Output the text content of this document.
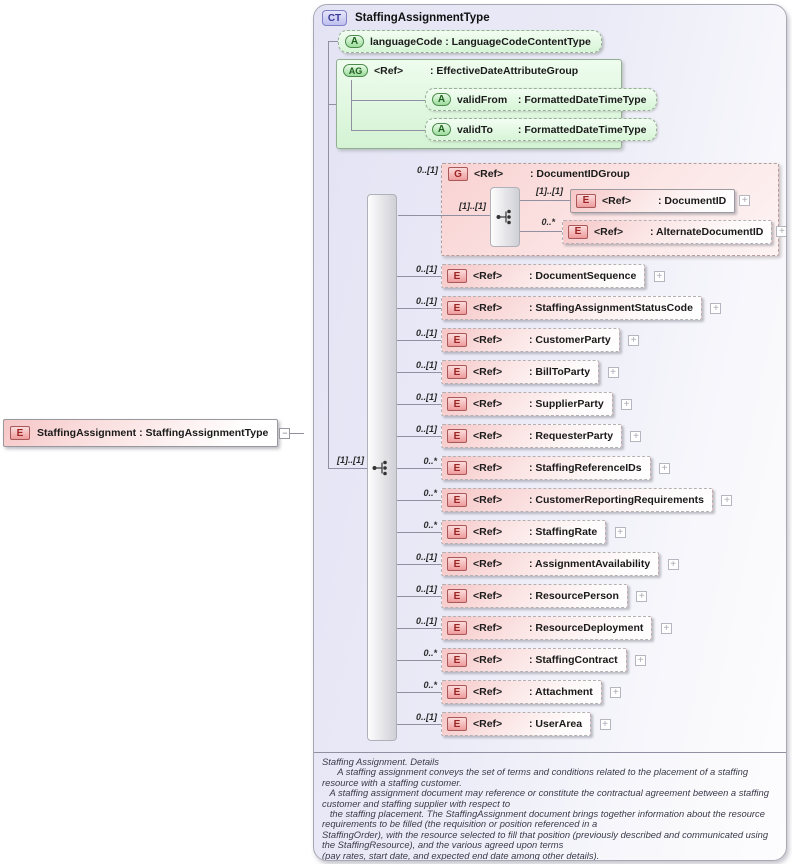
E	StaffingAssignment : StaffingAssignmentType	−
CT	StaffingAssignmentType
[1]..[1]
A	languageCode : LanguageCodeContentType
AG	<Ref>	: EffectiveDateAttributeGroup
A	validFrom : FormattedDateTimeType
A	validTo : FormattedDateTimeType
0..[1]	G	<Ref>	: DocumentIDGroup
[1]..[1]
[1]..[1]
E	<Ref>	: DocumentID +
0..*
E	<Ref>	: AlternateDocumentID +
0..[1]
E	<Ref>	: DocumentSequence +
0..[1]
E	<Ref>	: StaffingAssignmentStatusCode +
0..[1]
E	<Ref>	: CustomerParty +
0..[1]
E	<Ref>	: BillToParty +
0..[1]
E	<Ref>	: SupplierParty +
0..[1]
E	<Ref>	: RequesterParty +
0..*
E	<Ref>	: StaffingReferenceIDs +
0..*
E	<Ref>	: CustomerReportingRequirements +
0..*
E	<Ref>	: StaffingRate +
0..[1]
E	<Ref>	: AssignmentAvailability +
0..[1]
E	<Ref>	: ResourcePerson +
0..[1]
E	<Ref>	: ResourceDeployment +
0..*
E	<Ref>	: StaffingContract +
0..*
E	<Ref>	: Attachment +
0..[1]
E	<Ref>	: UserArea +
Staffing Assignment. Details
A staffing assignment conveys the set of terms and conditions related to the placement of a staffing
resource with a staffing customer.
A staffing assignment document may reference or constitute the contractual agreement between a staffing
customer and staffing supplier with respect to
the staffing placement. The StaffingAssignment document brings together information about the resource
requirements to be filled (the requisition or position referenced in a
StaffingOrder), with the resource selected to fill that position (previously described and communicated using
the StaffingResource), and the various agreed upon terms
(pay rates, start date, and expected end date among other details).
